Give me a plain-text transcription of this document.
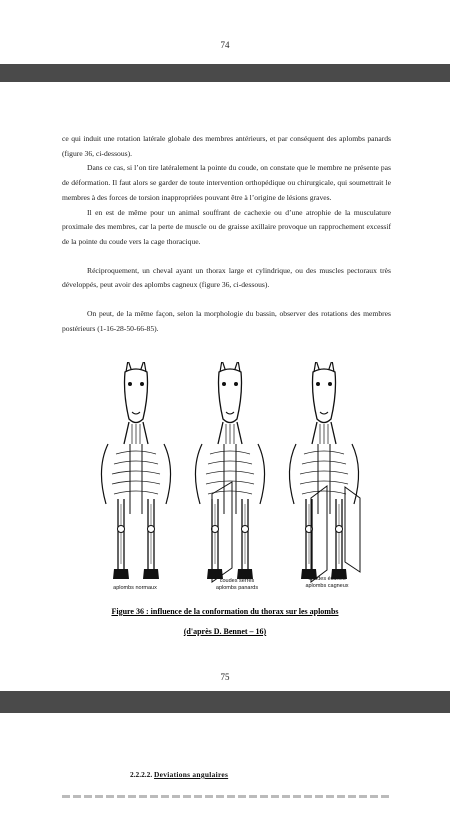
74

ce qui induit une rotation latérale globale des membres antérieurs, et par conséquent des aplombs panards (figure 36, ci-dessous).

Dans ce cas, si l’on tire latéralement la pointe du coude, on constate que le membre ne présente pas de déformation. Il faut alors se garder de toute intervention orthopédique ou chirurgicale, qui soumettrait le membres à des forces de torsion inappropriées pouvant être à l’origine de lésions graves.

Il en est de même pour un animal souffrant de cachexie ou d’une atrophie de la musculature proximale des membres, car la perte de muscle ou de graisse axillaire provoque un rapprochement excessif de la pointe du coude vers la cage thoracique.

Réciproquement, un cheval ayant un thorax large et cylindrique, ou des muscles pectoraux très développés, peut avoir des aplombs cagneux (figure 36, ci-dessous).

On peut, de la même façon, selon la morphologie du bassin, observer des rotations des membres postérieurs (1-16-28-50-66-85).

75
aplombs normaux
coudes serrés
aplombs panards
coudes écartés
aplombs cagneux
Figure 36 : influence de la conformation du thorax sur les aplombs
(d'après D. Bennet – 16)
2.2.2.2. Deviations angulaires
